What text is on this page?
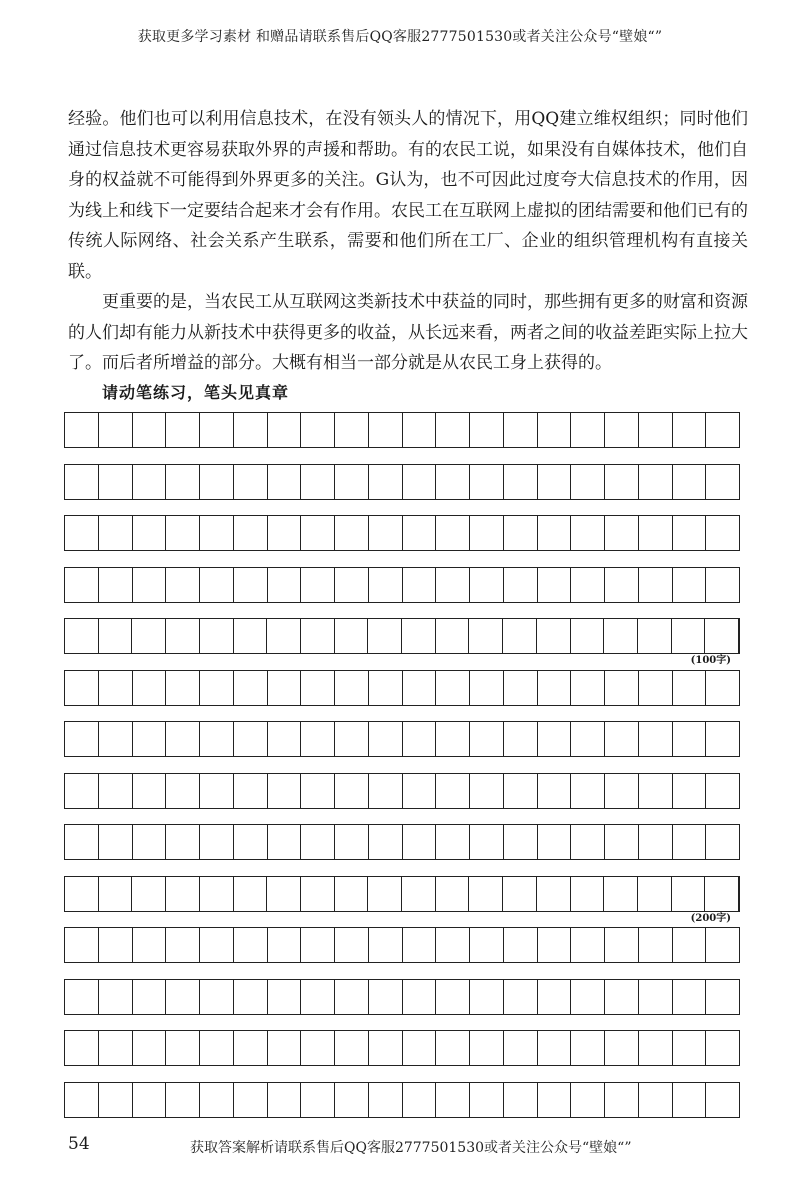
获取更多学习素材 和赠品请联系售后QQ客服2777501530或者关注公众号“壁娘“”

经验。他们也可以利用信息技术，在没有领头人的情况下，用QQ建立维权组织；同时他们通过信息技术更容易获取外界的声援和帮助。有的农民工说，如果没有自媒体技术，他们自身的权益就不可能得到外界更多的关注。G认为，也不可因此过度夸大信息技术的作用，因为线上和线下一定要结合起来才会有作用。农民工在互联网上虚拟的团结需要和他们已有的传统人际网络、社会关系产生联系，需要和他们所在工厂、企业的组织管理机构有直接关联。

更重要的是，当农民工从互联网这类新技术中获益的同时，那些拥有更多的财富和资源的人们却有能力从新技术中获得更多的收益，从长远来看，两者之间的收益差距实际上拉大了。而后者所增益的部分。大概有相当一部分就是从农民工身上获得的。

请动笔练习，笔头见真章
(100字)
(200字)
54	获取答案解析请联系售后QQ客服2777501530或者关注公众号“壁娘“”
